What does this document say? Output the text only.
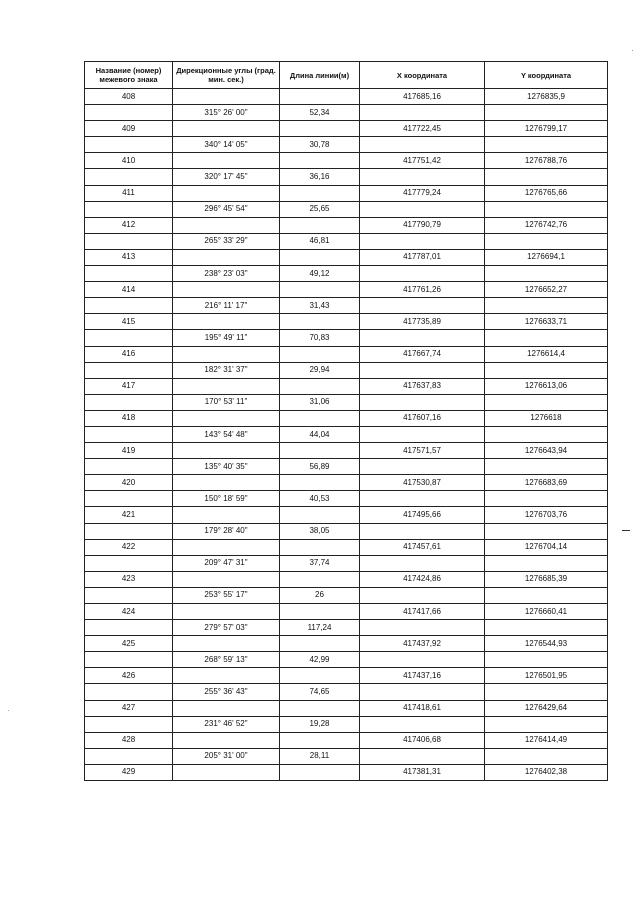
Название (номер) межевого знака	Дирекционные углы (град. мин. сек.)	Длина линии(м)	X координата	Y координата
408			417685,16	1276835,9
	315° 26' 00"	52,34		
409			417722,45	1276799,17
	340° 14' 05"	30,78		
410			417751,42	1276788,76
	320° 17' 45"	36,16		
411			417779,24	1276765,66
	296° 45' 54"	25,65		
412			417790,79	1276742,76
	265° 33' 29"	46,81		
413			417787,01	1276694,1
	238° 23' 03"	49,12		
414			417761,26	1276652,27
	216° 11' 17"	31,43		
415			417735,89	1276633,71
	195° 49' 11"	70,83		
416			417667,74	1276614,4
	182° 31' 37"	29,94		
417			417637,83	1276613,06
	170° 53' 11"	31,06		
418			417607,16	1276618
	143° 54' 48"	44,04		
419			417571,57	1276643,94
	135° 40' 35"	56,89		
420			417530,87	1276683,69
	150° 18' 59"	40,53		
421			417495,66	1276703,76
	179° 28' 40"	38,05		
422			417457,61	1276704,14
	209° 47' 31"	37,74		
423			417424,86	1276685,39
	253° 55' 17"	26		
424			417417,66	1276660,41
	279° 57' 03"	117,24		
425			417437,92	1276544,93
	268° 59' 13"	42,99		
426			417437,16	1276501,95
	255° 36' 43"	74,65		
427			417418,61	1276429,64
	231° 46' 52"	19,28		
428			417406,68	1276414,49
	205° 31' 00"	28,11		
429			417381,31	1276402,38
